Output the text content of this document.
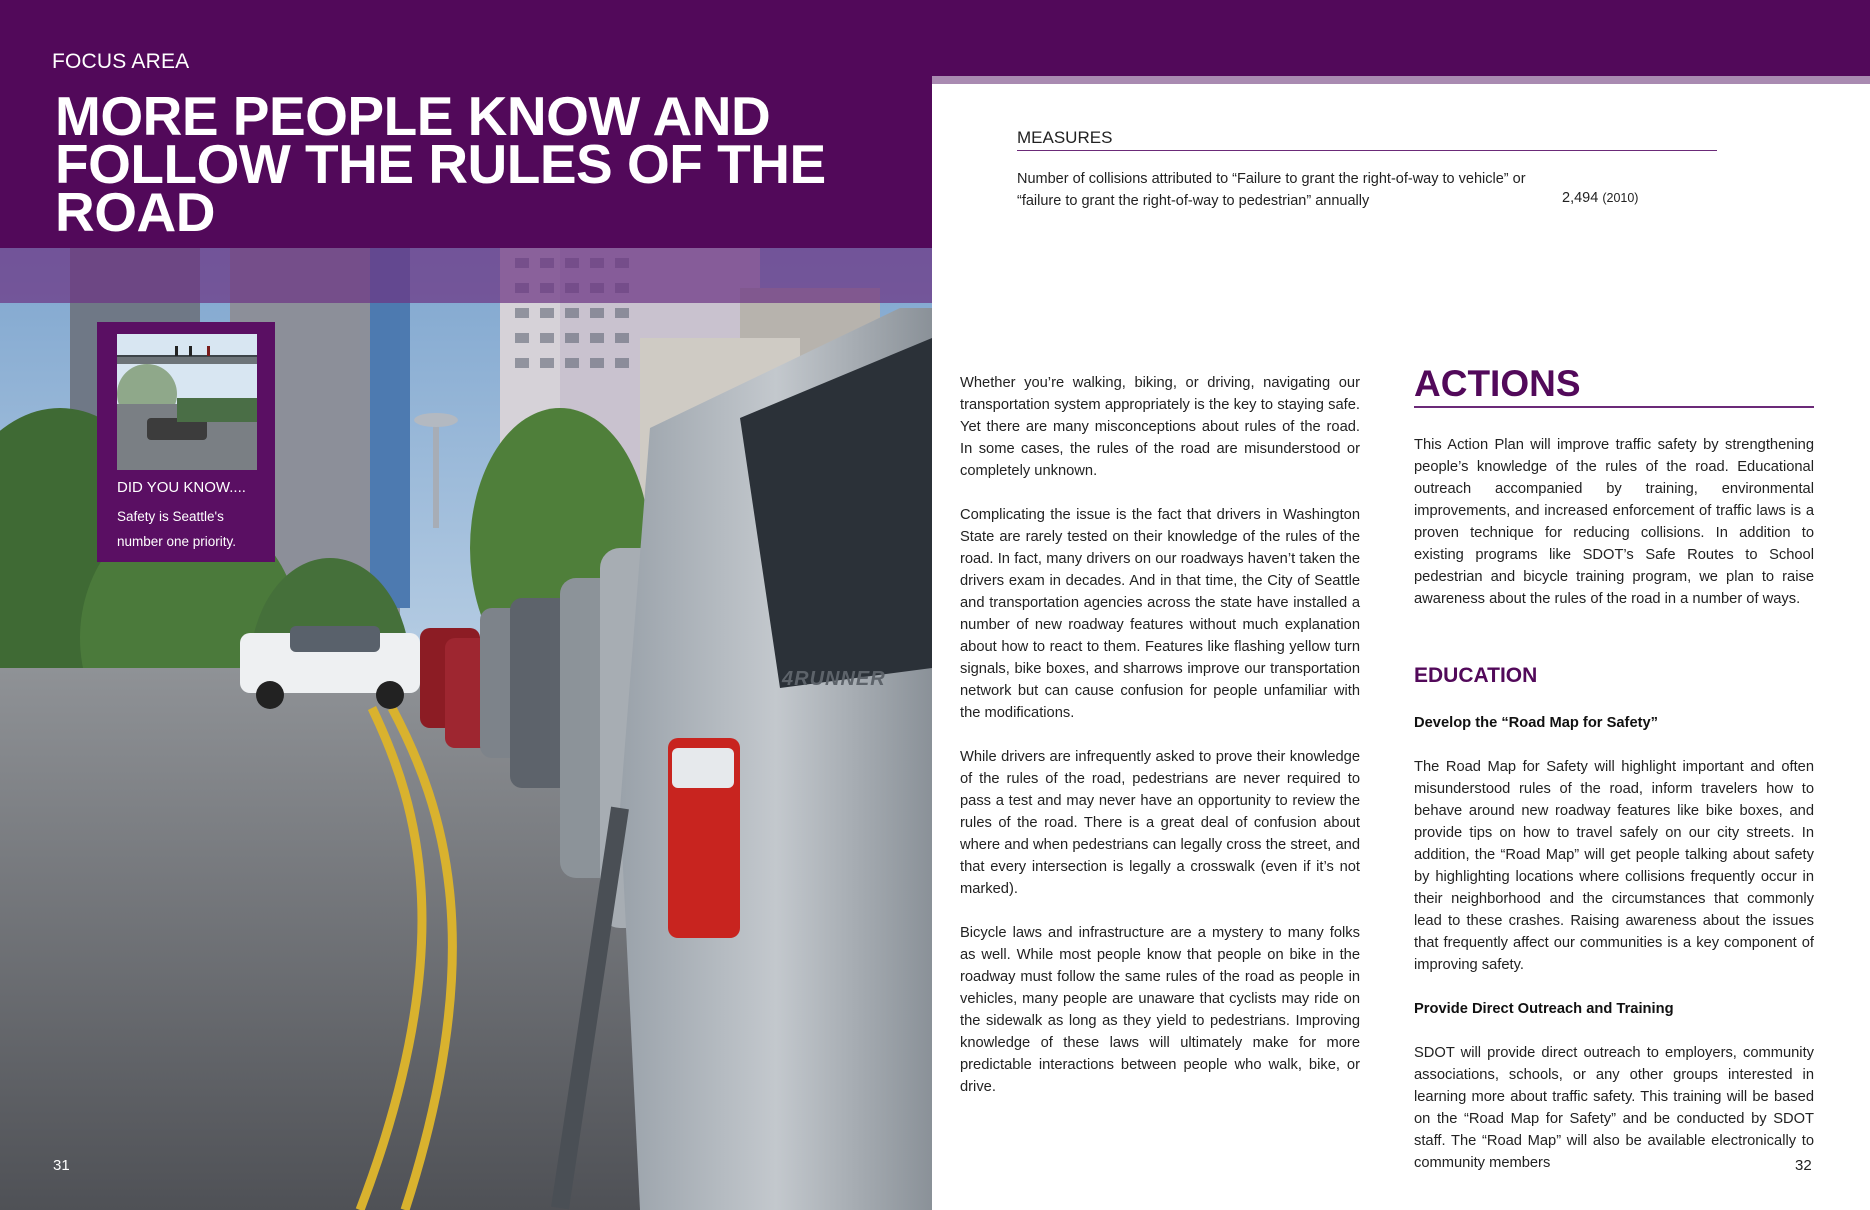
4RUNNER
FOCUS AREA
MORE PEOPLE KNOW AND FOLLOW THE RULES OF THE ROAD
DID YOU KNOW....
Safety is Seattle's number one priority.
31
MEASURES
Number of collisions attributed to “Failure to grant the right-of-way to vehicle” or “failure to grant the right-of-way to pedestrian” annually	2,494 (2010)

Whether you’re walking, biking, or driving, navigating our transportation system appropriately is the key to staying safe. Yet there are many misconceptions about rules of the road. In some cases, the rules of the road are misunderstood or completely unknown.

Complicating the issue is the fact that drivers in Washington State are rarely tested on their knowledge of the rules of the road. In fact, many drivers on our roadways haven’t taken the drivers exam in decades. And in that time, the City of Seattle and transportation agencies across the state have installed a number of new roadway features without much explanation about how to react to them. Features like flashing yellow turn signals, bike boxes, and sharrows improve our transportation network but can cause confusion for people unfamiliar with the modifications.

While drivers are infrequently asked to prove their knowledge of the rules of the road, pedestrians are never required to pass a test and may never have an opportunity to review the rules of the road. There is a great deal of confusion about where and when pedestrians can legally cross the street, and that every intersection is legally a crosswalk (even if it’s not marked).

Bicycle laws and infrastructure are a mystery to many folks as well. While most people know that people on bike in the roadway must follow the same rules of the road as people in vehicles, many people are unaware that cyclists may ride on the sidewalk as long as they yield to pedestrians. Improving knowledge of these laws will ultimately make for more predictable interactions between people who walk, bike, or drive.

ACTIONS

This Action Plan will improve traffic safety by strengthening people’s knowledge of the rules of the road. Educational outreach accompanied by training, environmental improvements, and increased enforcement of traffic laws is a proven technique for reducing collisions. In addition to existing programs like SDOT’s Safe Routes to School pedestrian and bicycle training program, we plan to raise awareness about the rules of the road in a number of ways.

EDUCATION

Develop the “Road Map for Safety”

The Road Map for Safety will highlight important and often misunderstood rules of the road, inform travelers how to behave around new roadway features like bike boxes, and provide tips on how to travel safely on our city streets. In addition, the “Road Map” will get people talking about safety by highlighting locations where collisions frequently occur in their neighborhood and the circumstances that commonly lead to these crashes. Raising awareness about the issues that frequently affect our communities is a key component of improving safety.

Provide Direct Outreach and Training

SDOT will provide direct outreach to employers, community associations, schools, or any other groups interested in learning more about traffic safety. This training will be based on the “Road Map for Safety” and be conducted by SDOT staff. The “Road Map” will also be available electronically to community members	32
